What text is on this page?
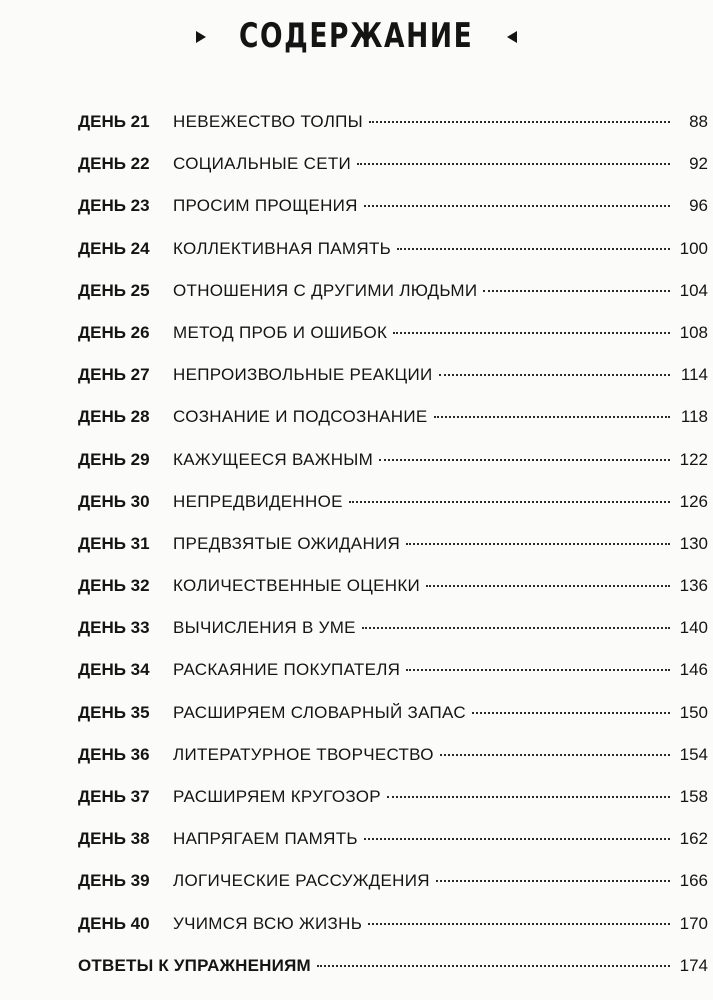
СОДЕРЖАНИЕ
ДЕНЬ 21	НЕВЕЖЕСТВО ТОЛПЫ	88
ДЕНЬ 22	СОЦИАЛЬНЫЕ СЕТИ	92
ДЕНЬ 23	ПРОСИМ ПРОЩЕНИЯ	96
ДЕНЬ 24	КОЛЛЕКТИВНАЯ ПАМЯТЬ	100
ДЕНЬ 25	ОТНОШЕНИЯ С ДРУГИМИ ЛЮДЬМИ	104
ДЕНЬ 26	МЕТОД ПРОБ И ОШИБОК	108
ДЕНЬ 27	НЕПРОИЗВОЛЬНЫЕ РЕАКЦИИ	114
ДЕНЬ 28	СОЗНАНИЕ И ПОДСОЗНАНИЕ	118
ДЕНЬ 29	КАЖУЩЕЕСЯ ВАЖНЫМ	122
ДЕНЬ 30	НЕПРЕДВИДЕННОЕ	126
ДЕНЬ 31	ПРЕДВЗЯТЫЕ ОЖИДАНИЯ	130
ДЕНЬ 32	КОЛИЧЕСТВЕННЫЕ ОЦЕНКИ	136
ДЕНЬ 33	ВЫЧИСЛЕНИЯ В УМЕ	140
ДЕНЬ 34	РАСКАЯНИЕ ПОКУПАТЕЛЯ	146
ДЕНЬ 35	РАСШИРЯЕМ СЛОВАРНЫЙ ЗАПАС	150
ДЕНЬ 36	ЛИТЕРАТУРНОЕ ТВОРЧЕСТВО	154
ДЕНЬ 37	РАСШИРЯЕМ КРУГОЗОР	158
ДЕНЬ 38	НАПРЯГАЕМ ПАМЯТЬ	162
ДЕНЬ 39	ЛОГИЧЕСКИЕ РАССУЖДЕНИЯ	166
ДЕНЬ 40	УЧИМСЯ ВСЮ ЖИЗНЬ	170
ОТВЕТЫ К УПРАЖНЕНИЯМ	174
